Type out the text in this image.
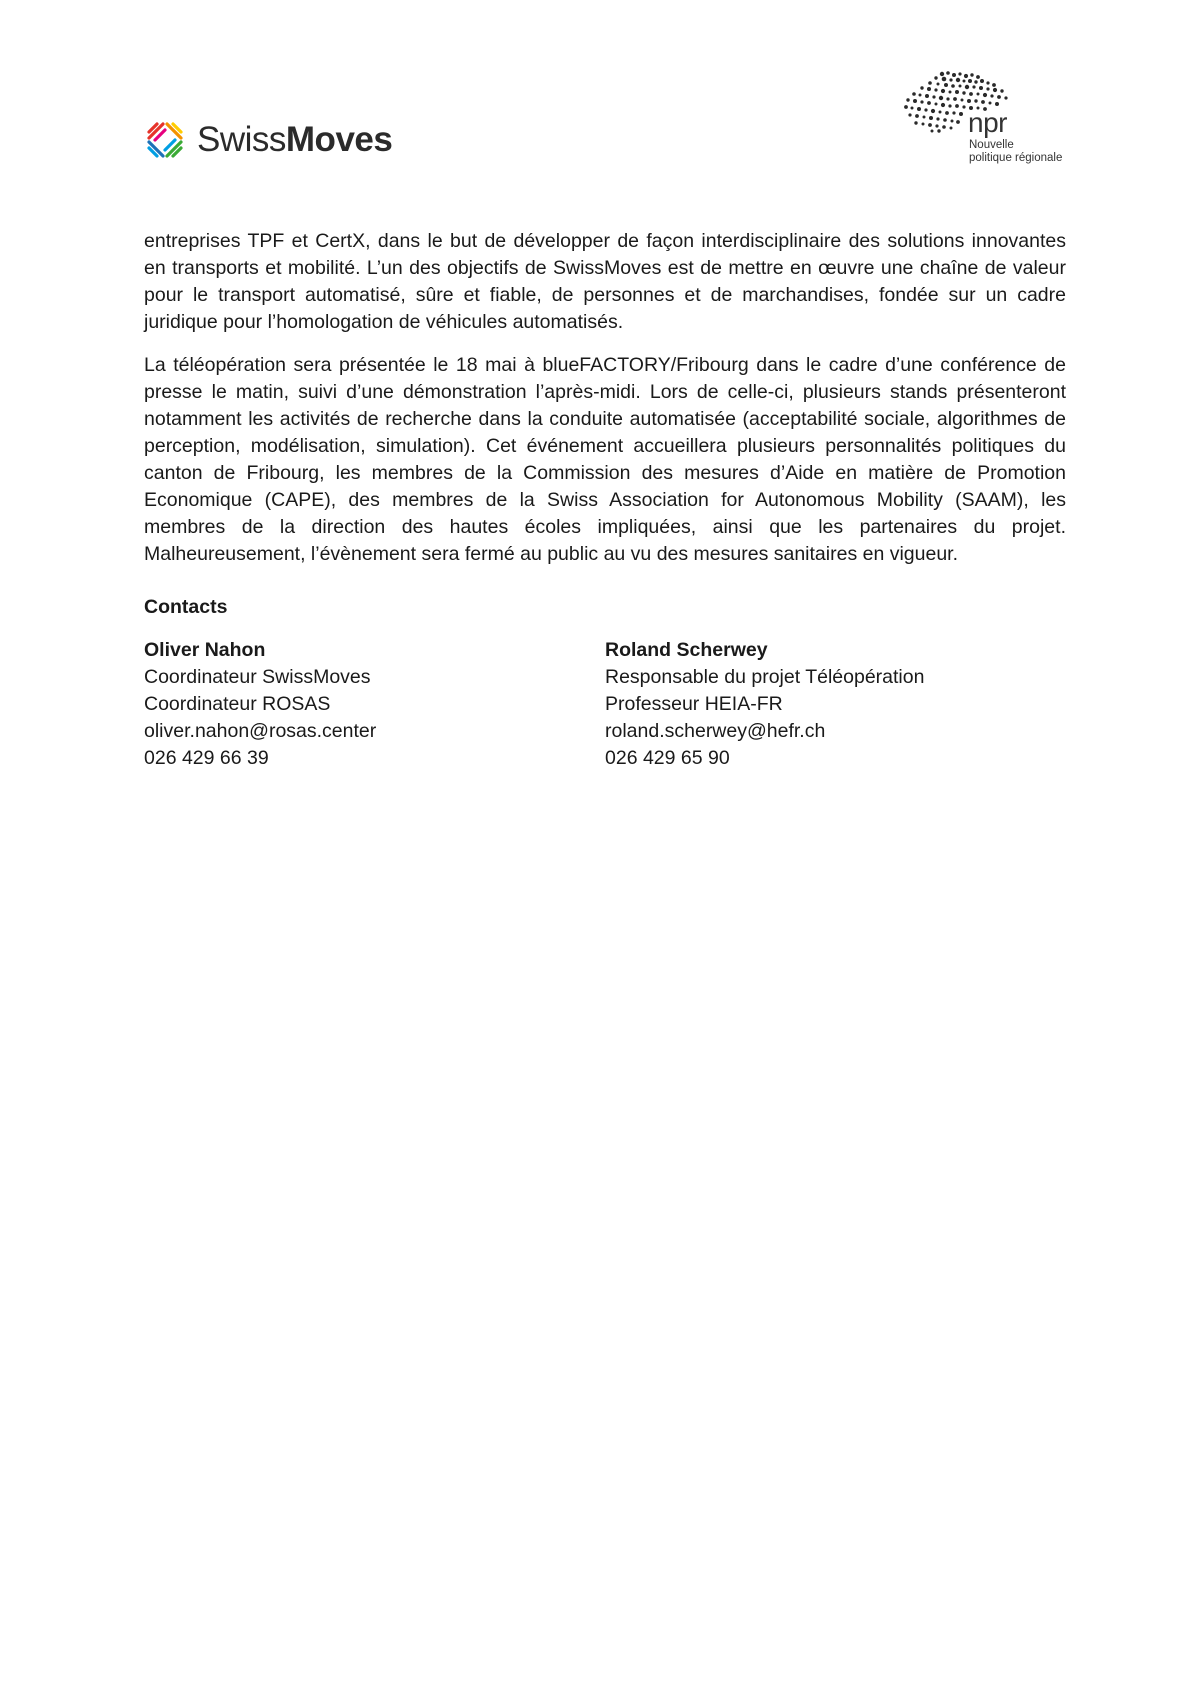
SwissMoves	npr
Nouvelle
politique régionale

entreprises TPF et CertX, dans le but de développer de façon interdisciplinaire des solutions innovantes en transports et mobilité. L’un des objectifs de SwissMoves est de mettre en œuvre une chaîne de valeur pour le transport automatisé, sûre et fiable, de personnes et de marchandises, fondée sur un cadre juridique pour l’homologation de véhicules automatisés.

La téléopération sera présentée le 18 mai à blueFACTORY/Fribourg dans le cadre d’une conférence de presse le matin, suivi d’une démonstration l’après-midi. Lors de celle-ci, plusieurs stands présenteront notamment les activités de recherche dans la conduite automatisée (acceptabilité sociale, algorithmes de perception, modélisation, simulation). Cet événement accueillera plusieurs personnalités politiques du canton de Fribourg, les membres de la Commission des mesures d’Aide en matière de Promotion Economique (CAPE), des membres de la Swiss Association for Autonomous Mobility (SAAM), les membres de la direction des hautes écoles impliquées, ainsi que les partenaires du projet. Malheureusement, l’évènement sera fermé au public au vu des mesures sanitaires en vigueur.

Contacts
Oliver Nahon
Coordinateur SwissMoves
Coordinateur ROSAS
oliver.nahon@rosas.center
026 429 66 39
Roland Scherwey
Responsable du projet Téléopération
Professeur HEIA-FR
roland.scherwey@hefr.ch
026 429 65 90
